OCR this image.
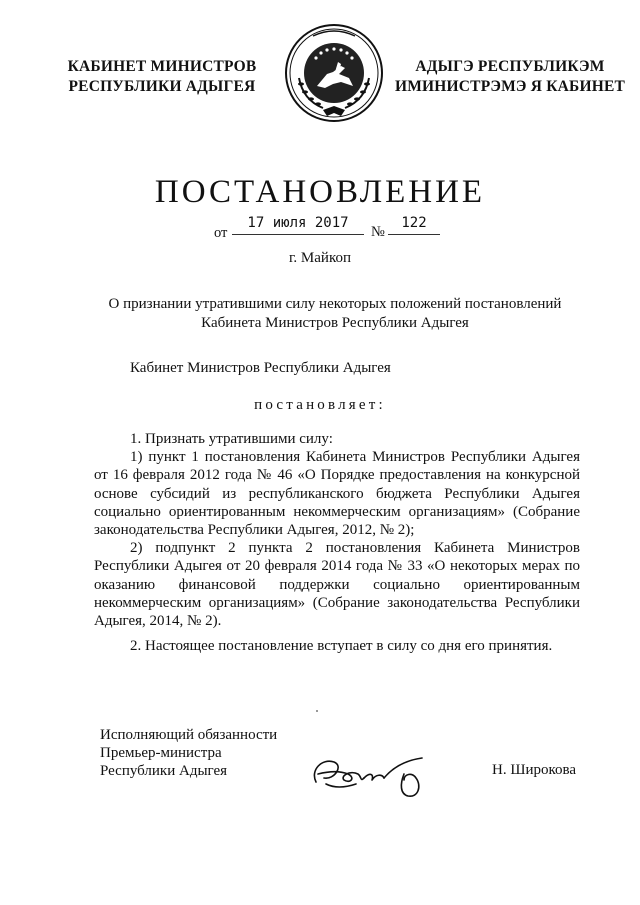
КАБИНЕТ МИНИСТРОВ
РЕСПУБЛИКИ АДЫГЕЯ
АДЫГЭ РЕСПУБЛИКЭМ
ИМИНИСТРЭМЭ Я КАБИНЕТ
ПОСТАНОВЛЕНИЕ
от
17 июля 2017
№
122
г. Майкоп
О признании утратившими силу некоторых положений постановлений
Кабинета Министров Республики Адыгея
Кабинет Министров Республики Адыгея
постановляет:

1. Признать утратившими силу:

1) пункт 1 постановления Кабинета Министров Республики Адыгея от 16 февраля 2012 года № 46 «О Порядке предоставления на конкурсной основе субсидий из республиканского бюджета Республики Адыгея социально ориентированным некоммерческим организациям» (Собрание законодательства Республики Адыгея, 2012, № 2);

2) подпункт 2 пункта 2 постановления Кабинета Министров Республики Адыгея от 20 февраля 2014 года № 33 «О некоторых мерах по оказанию финансовой поддержки социально ориентированным некоммерческим организациям» (Собрание законодательства Республики Адыгея, 2014, № 2).

2. Настоящее постановление вступает в силу со дня его принятия.
Исполняющий обязанности
Премьер-министра
Республики Адыгея	Н. Широкова
